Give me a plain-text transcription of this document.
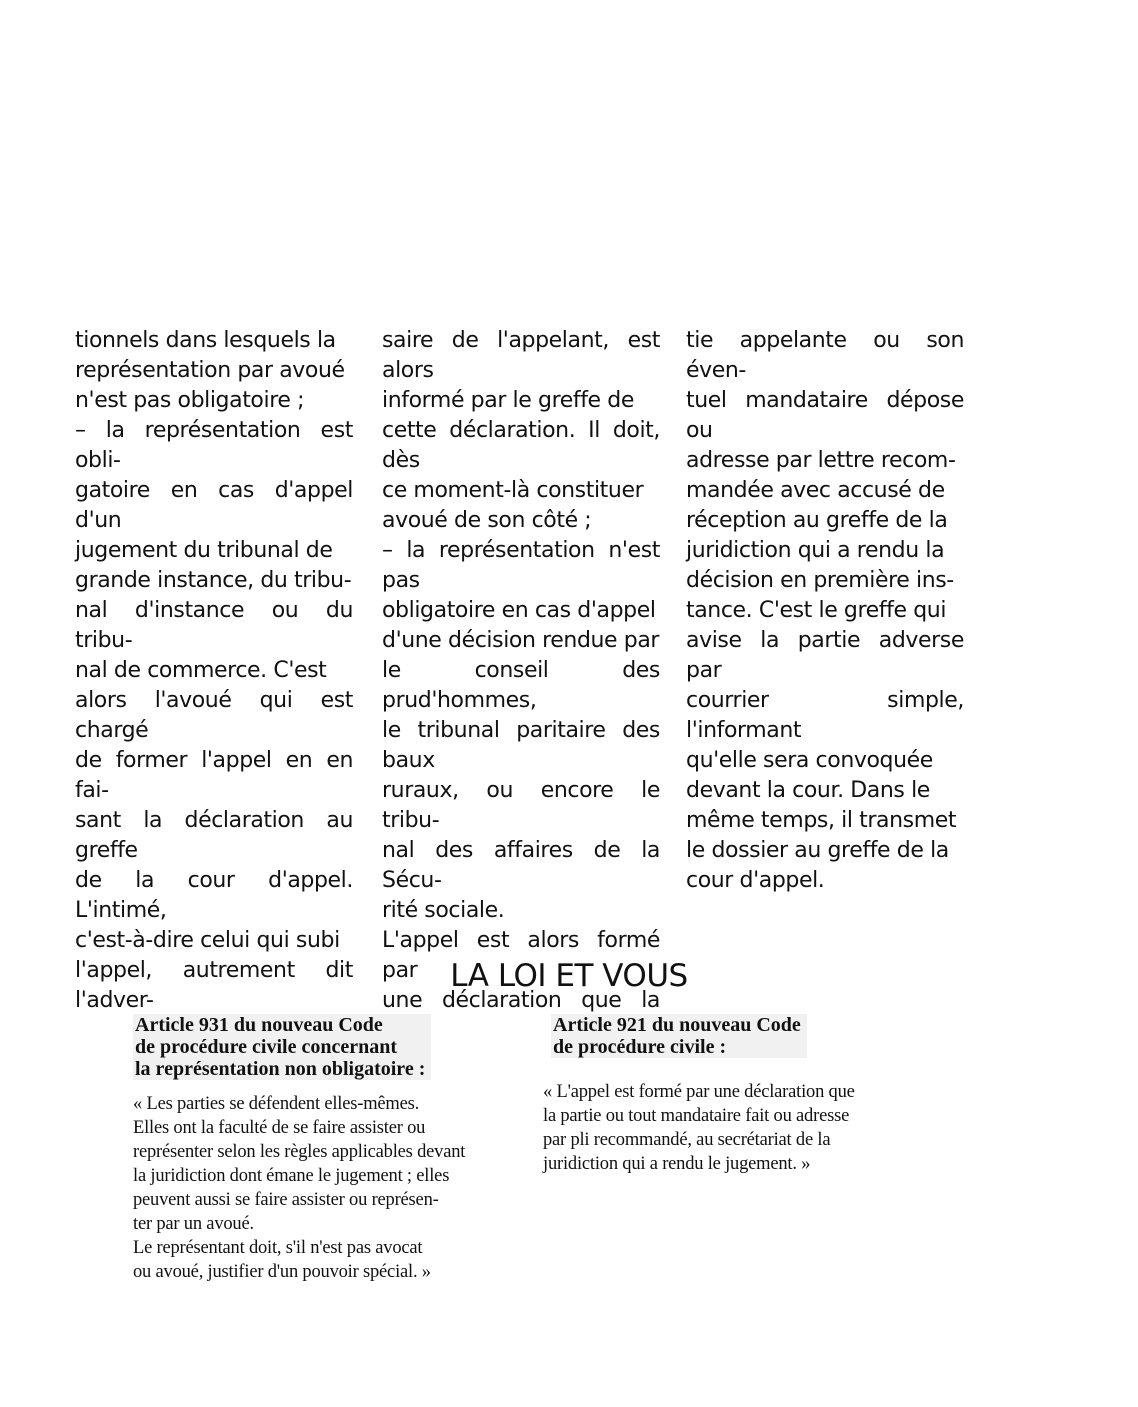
tionnels dans lesquels la

représentation par avoué

n'est pas obligatoire ;

– la représentation est obli-

gatoire en cas d'appel d'un

jugement du tribunal de

grande instance, du tribu-

nal d'instance ou du tribu-

nal de commerce. C'est

alors l'avoué qui est chargé

de former l'appel en en fai-

sant la déclaration au greffe

de la cour d'appel. L'intimé,

c'est-à-dire celui qui subi

l'appel, autrement dit l'adver-

saire de l'appelant, est alors

informé par le greffe de

cette déclaration. Il doit, dès

ce moment-là constituer

avoué de son côté ;

– la représentation n'est pas

obligatoire en cas d'appel

d'une décision rendue par

le conseil des prud'hommes,

le tribunal paritaire des baux

ruraux, ou encore le tribu-

nal des affaires de la Sécu-

rité sociale.

L'appel est alors formé par

une déclaration que la

tie appelante ou son éven-

tuel mandataire dépose ou

adresse par lettre recom-

mandée avec accusé de

réception au greffe de la

juridiction qui a rendu la

décision en première ins-

tance. C'est le greffe qui

avise la partie adverse par

courrier simple, l'informant

qu'elle sera convoquée

devant la cour. Dans le

même temps, il transmet

le dossier au greffe de la

cour d'appel.

LA LOI ET VOUS
Article 931 du nouveau Code
de procédure civile concernant
la représentation non obligatoire :
« Les parties se défendent elles-mêmes.
Elles ont la faculté de se faire assister ou
représenter selon les règles applicables devant
la juridiction dont émane le jugement ; elles
peuvent aussi se faire assister ou représen-
ter par un avoué.
Le représentant doit, s'il n'est pas avocat
ou avoué, justifier d'un pouvoir spécial. »
Article 921 du nouveau Code
de procédure civile :
« L'appel est formé par une déclaration que
la partie ou tout mandataire fait ou adresse
par pli recommandé, au secrétariat de la
juridiction qui a rendu le jugement. »
